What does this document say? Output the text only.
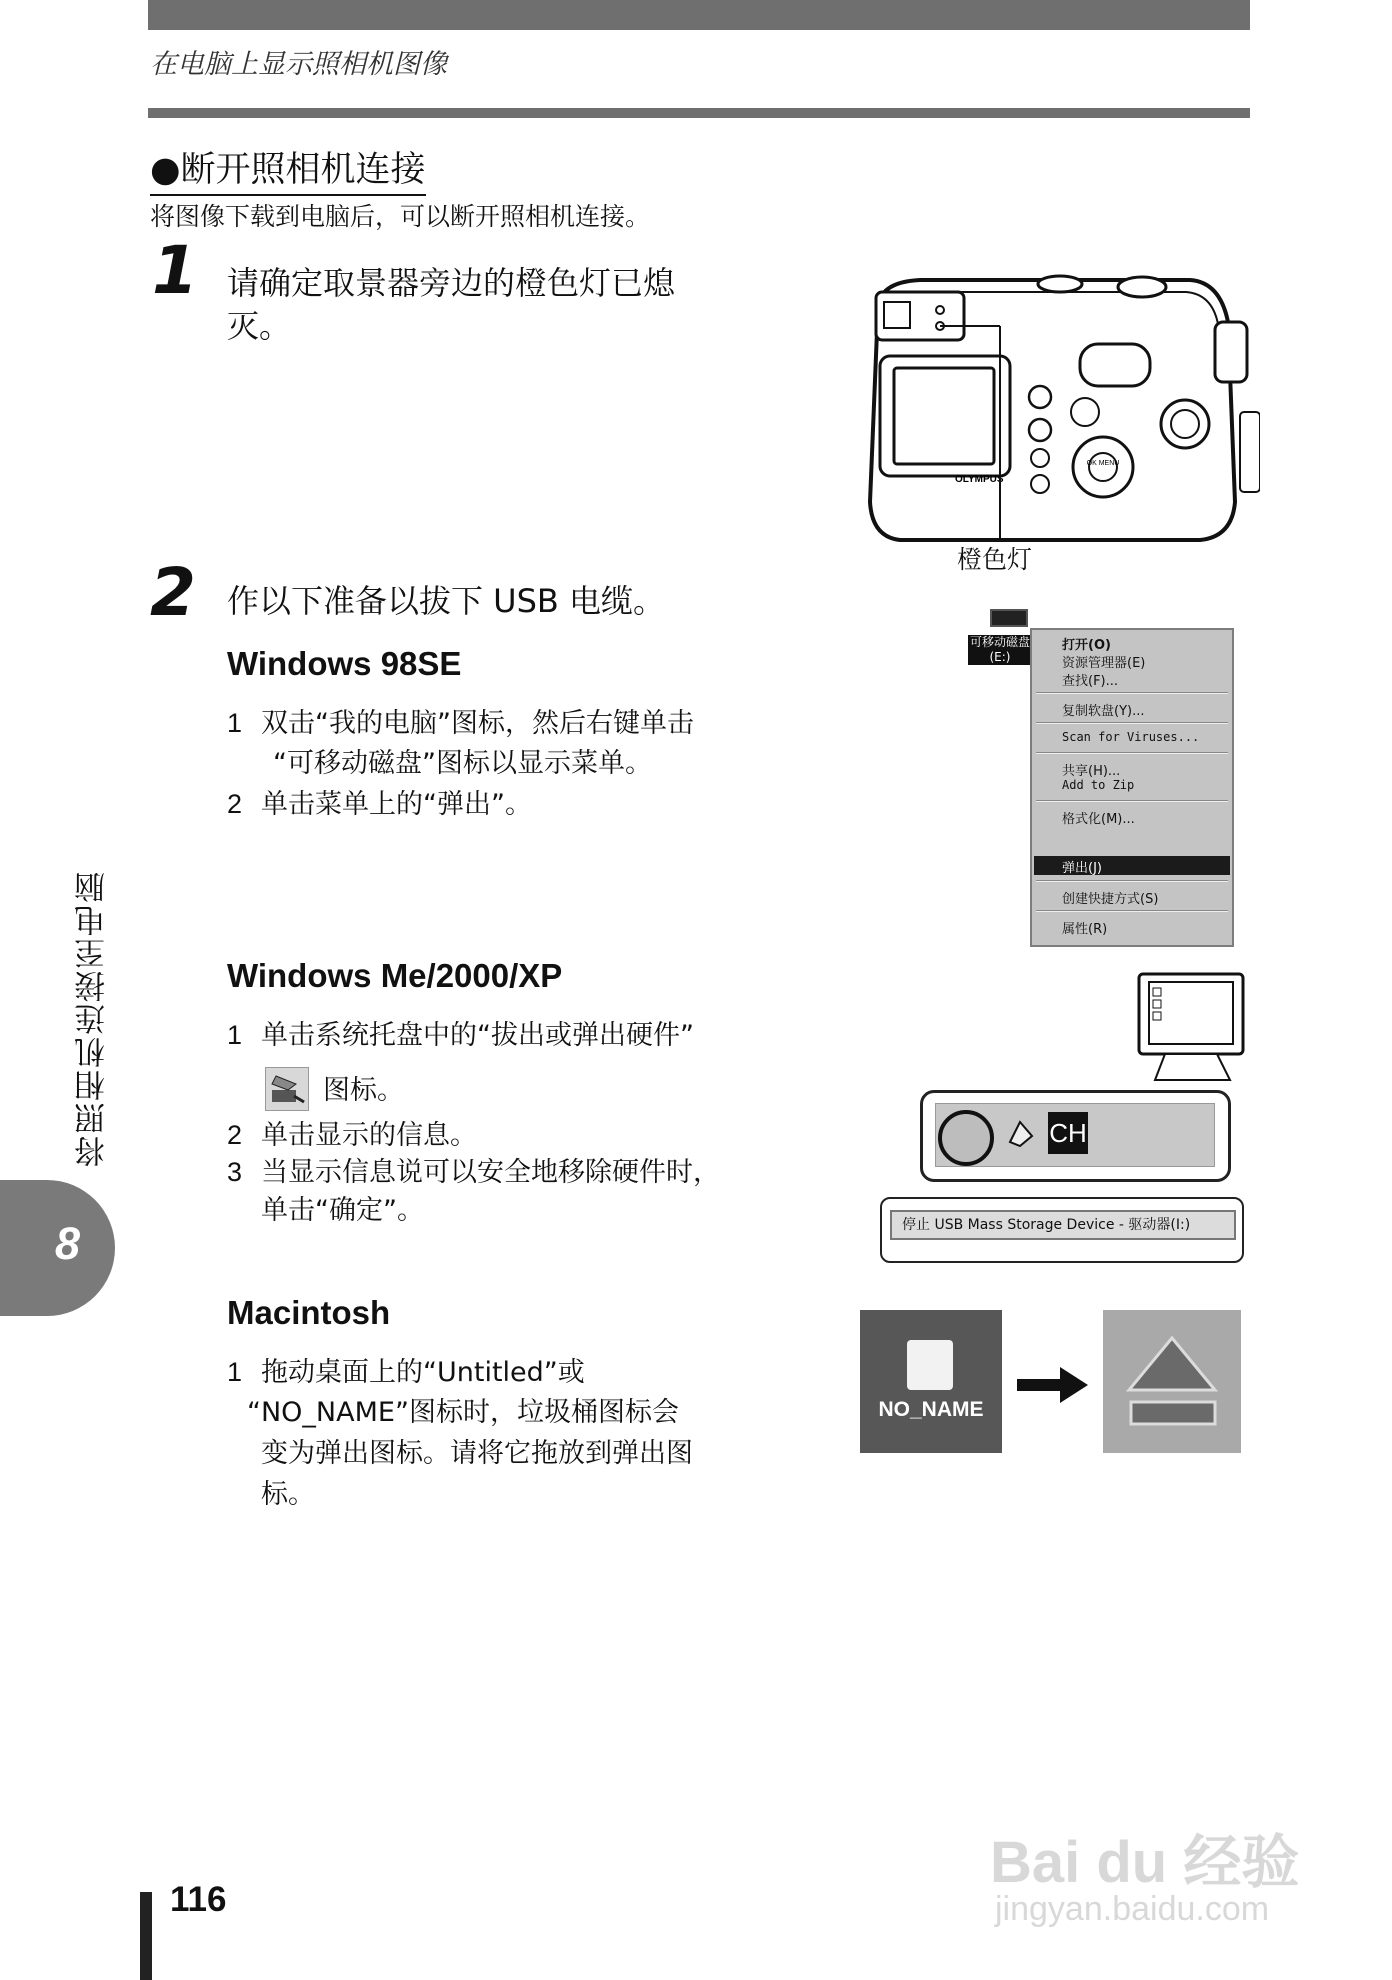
在电脑上显示照相机图像
●断开照相机连接
将图像下载到电脑后，可以断开照相机连接。
1 请确定取景器旁边的橙色灯已熄
灭。
OK MENU
OLYMPUS
橙色灯
2 作以下准备以拔下 USB 电缆。
Windows 98SE
1 双击“我的电脑”图标，然后右键单击
“可移动磁盘”图标以显示菜单。
2 单击菜单上的“弹出”。
可移动磁盘
(E:)
打开(O)
资源管理器(E)
查找(F)...
复制软盘(Y)...
Scan for Viruses...
共享(H)...
Add to Zip
格式化(M)...
弹出(J)
创建快捷方式(S)
属性(R)
Windows Me/2000/XP
1 单击系统托盘中的“拔出或弹出硬件”
图标。
2 单击显示的信息。
3 当显示信息说可以安全地移除硬件时，
单击“确定”。
CH
停止 USB Mass Storage Device - 驱动器(I:)
Macintosh
1 拖动桌面上的“Untitled”或
“NO_NAME”图标时，垃圾桶图标会
变为弹出图标。请将它拖放到弹出图
标。
NO_NAME
将照相机连接至电脑
8
116
Bai du 经验
jingyan.baidu.com
